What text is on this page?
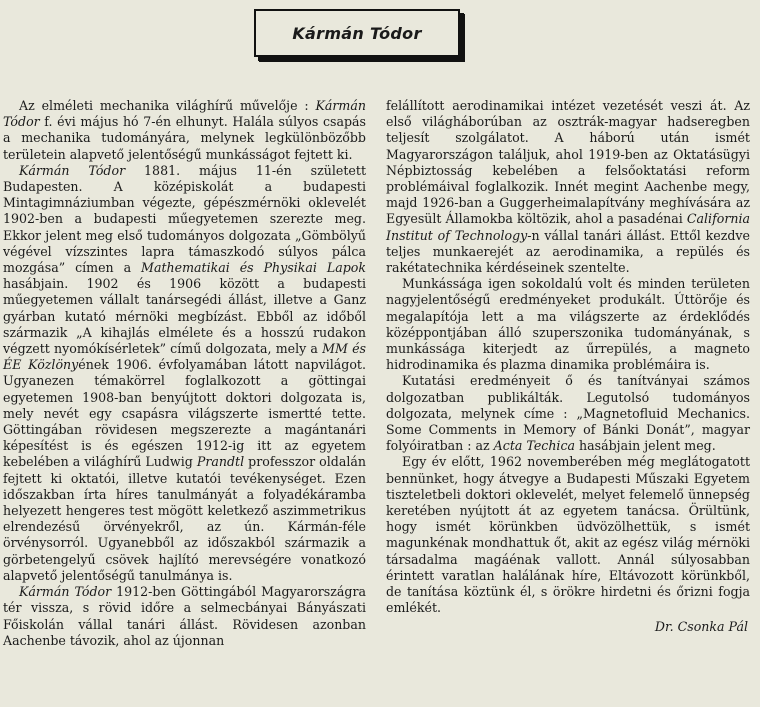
Kármán Tódor

Az elméleti mechanika világhírű művelője : Kármán Tódor f. évi május hó 7-én elhunyt. Halála súlyos csapás a mechanika tudományára, melynek legkülönbözőbb területein alapvető jelentőségű munkásságot fejtett ki.

Kármán Tódor 1881. május 11-én született Budapesten. A középiskolát a budapesti Mintagimnáziumban végezte, gépészmérnöki oklevelét 1902-ben a budapesti műegyetemen szerezte meg. Ekkor jelent meg első tudományos dolgozata „Gömbölyű végével vízszintes lapra támaszkodó súlyos pálca mozgása” címen a Mathematikai és Physikai Lapok hasábjain. 1902 és 1906 között a budapesti műegyetemen vállalt tanársegédi állást, illetve a Ganz gyárban kutató mérnöki megbízást. Ebből az időből származik „A kihajlás elmélete és a hosszú rudakon végzett nyomókísérletek” című dolgozata, mely a MM és ÉE Közlönyének 1906. évfolyamában látott napvilágot. Ugyanezen témakörrel foglalkozott a göttingai egyetemen 1908-ban benyújtott doktori dolgozata is, mely nevét egy csapásra világszerte ismertté tette. Göttingában rövidesen megszerezte a magántanári képesítést is és egészen 1912-ig itt az egyetem kebelében a világhírű Ludwig Prandtl professzor oldalán fejtett ki oktatói, illetve kutatói tevékenységet. Ezen időszakban írta híres tanulmányát a folyadékáramba helyezett hengeres test mögött keletkező aszimmetrikus elrendezésű örvényekről, az ún. Kármán-féle örvénysorról. Ugyanebből az időszakból származik a görbetengelyű csövek hajlító merevségére vonatkozó alapvető jelentőségű tanulmánya is.

Kármán Tódor 1912-ben Göttingából Magyarországra tér vissza, s rövid időre a selmecbányai Bányászati Főiskolán vállal tanári állást. Rövidesen azonban Aachenbe távozik, ahol az újonnan

felállított aerodinamikai intézet vezetését veszi át. Az első világháborúban az osztrák-magyar hadseregben teljesít szolgálatot. A háború után ismét Magyarországon találjuk, ahol 1919-ben az Oktatásügyi Népbiztosság kebelében a felsőoktatási reform problémáival foglalkozik. Innét megint Aachenbe megy, majd 1926-ban a Guggerheimalapítvány meghívására az Egyesült Államokba költözik, ahol a pasadénai California Institut of Technology-n vállal tanári állást. Ettől kezdve teljes munkaerejét az aerodinamika, a repülés és rakétatechnika kérdéseinek szentelte.

Munkássága igen sokoldalú volt és minden területen nagyjelentőségű eredményeket produkált. Úttörője és megalapítója lett a ma világszerte az érdeklődés középpontjában álló szuperszonika tudományának, s munkássága kiterjedt az űrrepülés, a magneto hidrodinamika és plazma dinamika problémáira is.

Kutatási eredményeit ő és tanítványai számos dolgozatban publikálták. Legutolsó tudományos dolgozata, melynek címe : „Magnetofluid Mechanics. Some Comments in Memory of Bánki Donát”, magyar folyóiratban : az Acta Techica hasábjain jelent meg.

Egy év előtt, 1962 novemberében még meglátogatott bennünket, hogy átvegye a Budapesti Műszaki Egyetem tiszteletbeli doktori oklevelét, melyet felemelő ünnepség keretében nyújtott át az egyetem tanácsa. Örültünk, hogy ismét körünkben üdvözölhettük, s ismét magunkénak mondhattuk őt, akit az egész világ mérnöki társadalma magáénak vallott. Annál súlyosabban érintett varatlan halálának híre, Eltávozott körünkből, de tanítása köztünk él, s örökre hirdetni és őrizni fogja emlékét.

Dr. Csonka Pál
